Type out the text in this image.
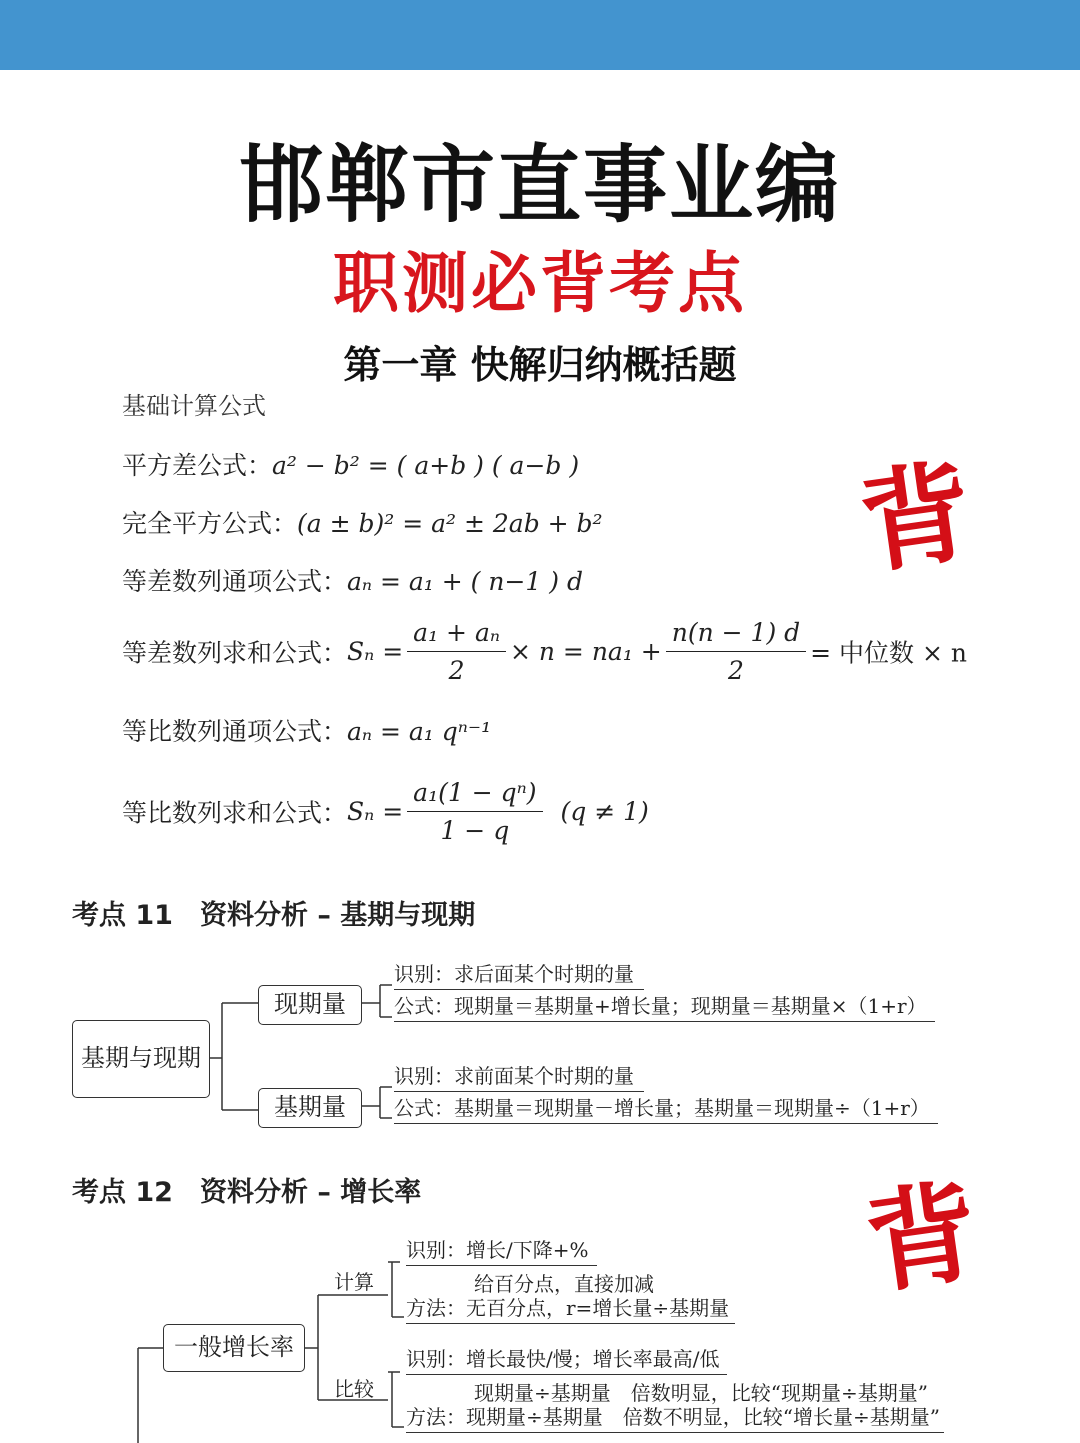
邯郸市直事业编
职测必背考点
第一章 快解归纳概括题
基础计算公式
平方差公式：a² − b² = ( a+b ) ( a−b )
完全平方公式：(a ± b)² = a² ± 2ab + b²
等差数列通项公式：aₙ = a₁ + ( n−1 ) d
等差数列求和公式：$S_n = \frac{\text{a₁ + aₙ}}{2} \times n = na_1 + \frac{n(n - 1) d}{2}$ = 中位数 × n
等比数列通项公式：aₙ = a₁ qⁿ⁻¹
等比数列求和公式：$S_n = \frac{\text{a₁(1 − qⁿ)}}{1 - q} (q \ne 1)$
背
背
考点 11　资料分析 – 基期与现期
基期与现期
现期量
基期量
识别：求后面某个时期的量
公式：现期量＝基期量+增长量；现期量＝基期量×（1+r）
识别：求前面某个时期的量
公式：基期量＝现期量－增长量；基期量＝现期量÷（1+r）
考点 12　资料分析 – 增长率
一般增长率
计算
识别：增长/下降+%
给百分点，直接加减
方法：无百分点，r=增长量÷基期量
比较
识别：增长最快/慢；增长率最高/低
现期量÷基期量　倍数明显，比较“现期量÷基期量”
方法：现期量÷基期量　倍数不明显，比较“增长量÷基期量”
